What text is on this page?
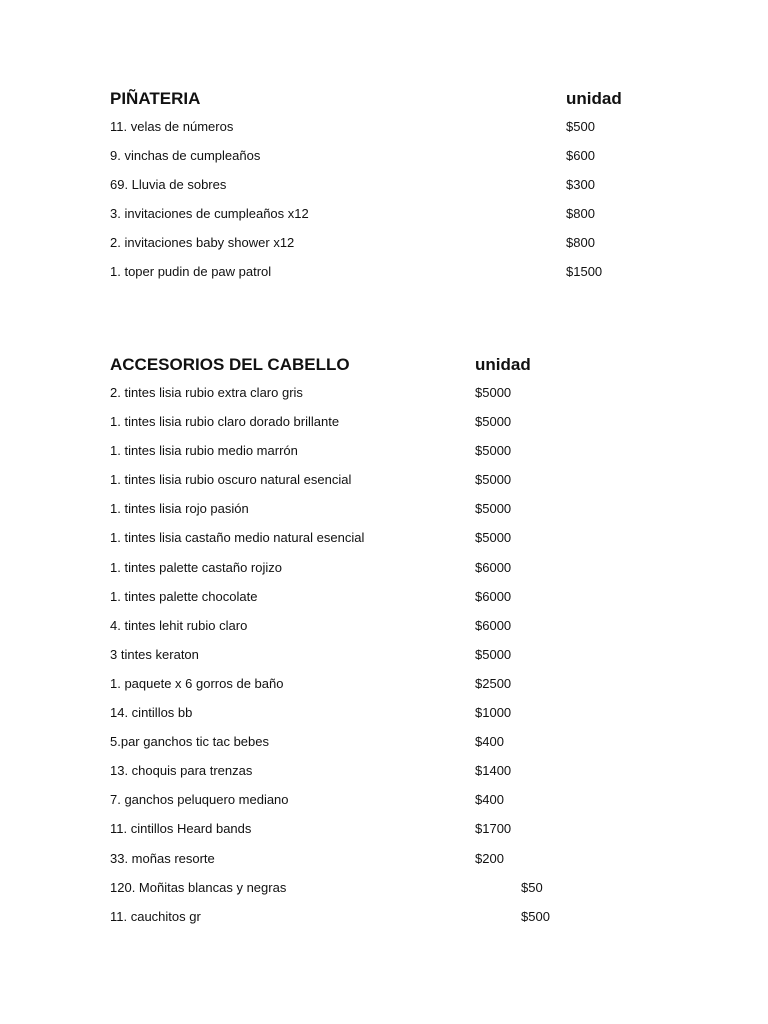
PIÑATERIA	unidad
11. velas de números	$500
9. vinchas de cumpleaños	$600
69. Lluvia de sobres	$300
3. invitaciones de cumpleaños x12	$800
2. invitaciones baby shower x12	$800
1. toper pudin de paw patrol	$1500
ACCESORIOS DEL CABELLO	unidad
2. tintes lisia rubio extra claro gris	$5000
1. tintes lisia rubio claro dorado brillante	$5000
1. tintes lisia rubio medio marrón	$5000
1. tintes lisia rubio oscuro natural esencial	$5000
1. tintes lisia rojo pasión	$5000
1. tintes lisia castaño medio natural esencial	$5000
1. tintes palette castaño rojizo	$6000
1. tintes palette chocolate	$6000
4. tintes lehit rubio claro	$6000
3 tintes keraton	$5000
1. paquete x 6 gorros de baño	$2500
14. cintillos bb	$1000
5.par ganchos tic tac bebes	$400
13. choquis para trenzas	$1400
7. ganchos peluquero mediano	$400
11. cintillos Heard bands	$1700
33. moñas resorte	$200
120. Moñitas blancas y negras	$50
11. cauchitos gr	$500
